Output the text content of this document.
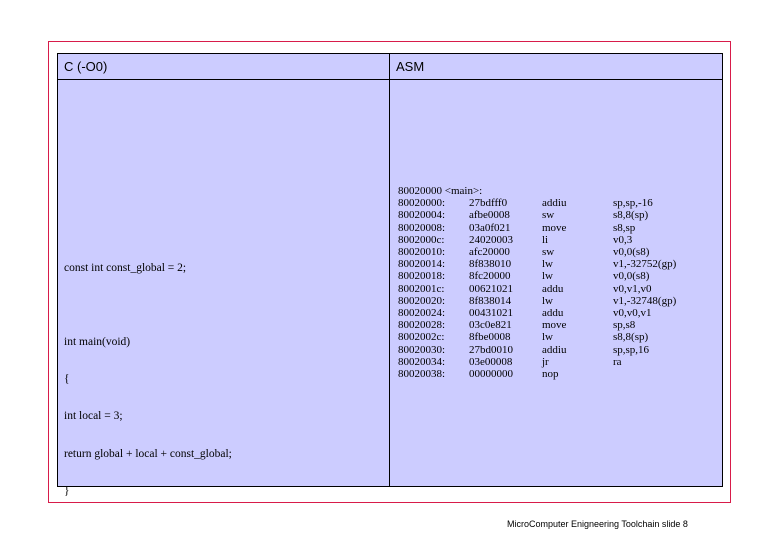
C (-O0)	ASM

const int const_global = 2;

int main(void)

{

int local = 3;

return global + local + const_global;

}

80020000 <main>:
80020000:	27bdfff0	addiu	sp,sp,-16
80020004:	afbe0008	sw	s8,8(sp)
80020008:	03a0f021	move	s8,sp
8002000c:	24020003	li	v0,3
80020010:	afc20000	sw	v0,0(s8)
80020014:	8f838010	lw	v1,-32752(gp)
80020018:	8fc20000	lw	v0,0(s8)
8002001c:	00621021	addu	v0,v1,v0
80020020:	8f838014	lw	v1,-32748(gp)
80020024:	00431021	addu	v0,v0,v1
80020028:	03c0e821	move	sp,s8
8002002c:	8fbe0008	lw	s8,8(sp)
80020030:	27bd0010	addiu	sp,sp,16
80020034:	03e00008	jr	ra
80020038:	00000000	nop
MicroComputer Enigneering Toolchain slide 8
